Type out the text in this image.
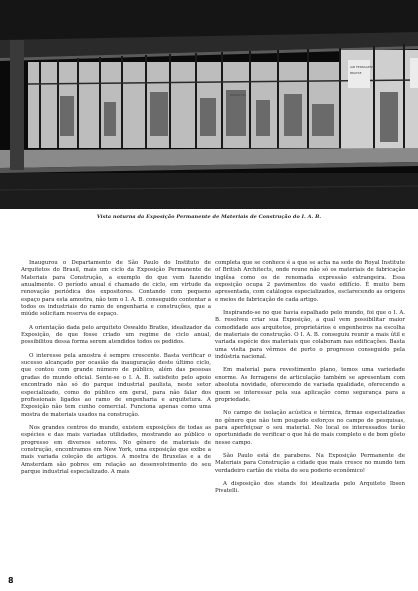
IAB FERRAGENS
DIRIGIDOS
BRATKE
Vista noturna da Exposição Permanente de Materiais de Construção do I. A. B.

Inaugurou o Departamento de São Paulo do Instituto de Arquitetos do Brasil, mais um ciclo da Exposição Permanente de Materiais para Construção, a exemplo do que vem fazendo anualmente. O período anual é chamado de ciclo, em virtude da renovação periódica dos expositores. Contando com pequeno espaço para esta amostra, não tem o I. A. B. conseguido contentar a todos os industriais do ramo de engenharia e construções, que a miúde solicitam reserva de espaço.

A orientação dada pelo arquiteto Oswaldo Bratke, idealizador da Exposição, de que fosse criado um regime de ciclo anual, possibilitou dessa forma serem atendidos todos os pedidos.

O interesse pela amostra é sempre crescente. Basta verificar o sucesso alcançado por ocasião da inauguração deste último ciclo, que contou com grande número de público, além das pessoas gradas do mundo oficial. Sente-se o I. A. B. satisfeito pelo apoio encontrado não só do parque industrial paulista, neste setor especializado, como do público em geral, para não falar dos profissionais ligados ao ramo de engenharia e arquitetura. A Exposição não tem cunho comercial. Funciona apenas como uma mostra de materiais usados na construção.

Nos grandes centros do mundo, existem exposições de todas as espécies e das mais variadas utilidades, mostrando ao público o progresso em diversos setores. No gênero de materiais de construção, encontramos em New York, uma exposição que exibe a mais variada coleção de artigos. A mostra de Bruxelas e a de Amsterdam são pobres em relação ao desenvolvimento do seu parque industrial especializado. A mais

completa que se conhece é a que se acha na sede do Royal Institute of British Architects, onde reune não só os materiais de fabricação inglêsa como os de renomada expressão extrangeira. Essa exposição ocupa 2 pavimentos do vasto edifício. É muito bem apresentada, com catálogos especializados, esclarecendo as origens e meios de fabricação de cada artigo.

Inspirando-se no que havia espalhado pelo mundo, foi que o I. A. B. resolveu criar sua Exposição, a qual vem possibilitar maior comodidade aos arquitetos, proprietários e engenheiros na escolha de materiais de construção. O I. A. B. conseguiu reunir a mais útil e variada espécie dos materiais que colaboram nas edificações. Basta uma visita para vêrmos de perto o progresso conseguido pela indústria nacional.

Em material para revestimento plano, temos uma variedade enorme. As ferragens de articulação também se apresentam com absoluta novidade, oferecendo de variada qualidade, oferecendo a quem se interessar pela sua aplicação como segurança para a propriedade.

No campo de isolação acústica e térmica, firmas especializadas no gênero que não tem poupado esforços no campo de pesquisas, para aperfeiçoar o seu material. No local os interessados terão oportunidade de verificar o que há de mais completo e de bom gôsto nesse campo.

São Paulo está de parabens. Na Exposição Permanente de Materiais para Construção a cidade que mais cresce no mundo tem verdadeiro cartão de visita do seu poderio econômico!

A disposição dos stands foi idealizada pelo Arquiteto Ibsen Pivatelli.

8
